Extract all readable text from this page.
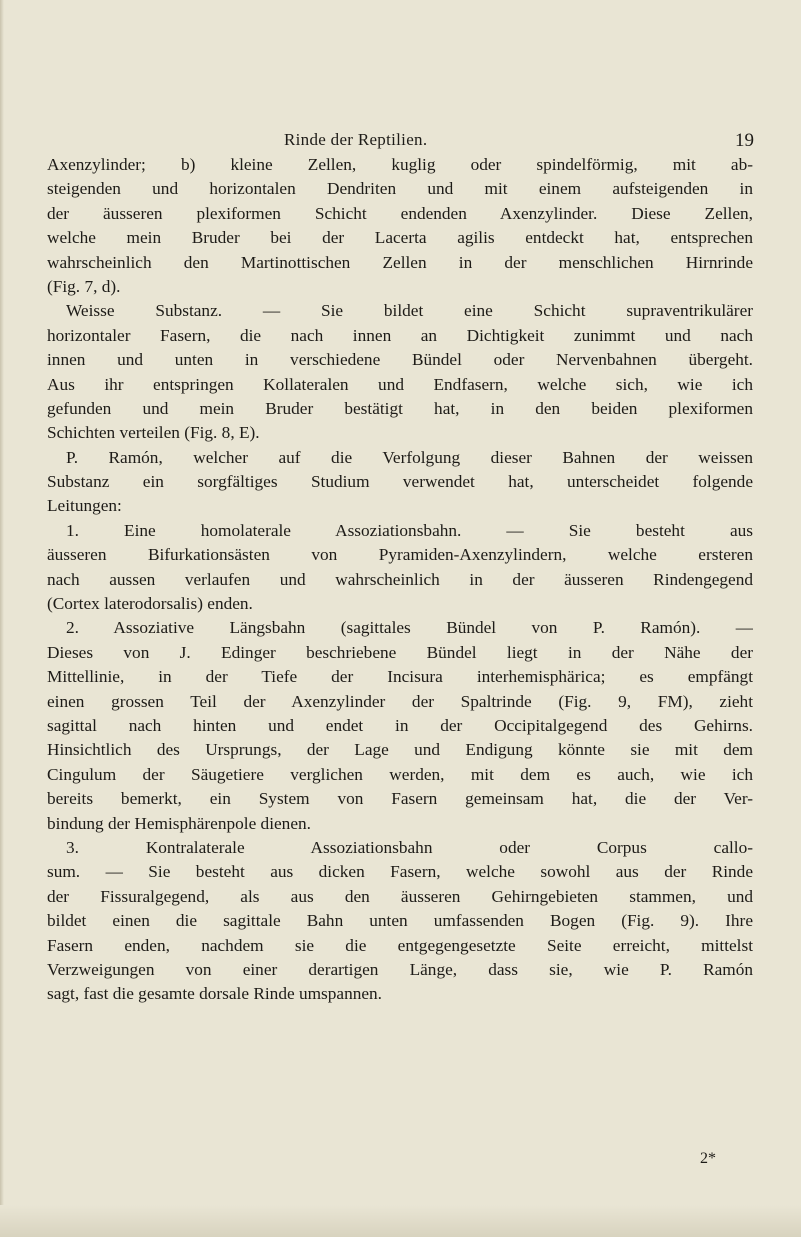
Rinde der Reptilien.	19
Axenzylinder; b) kleine Zellen, kuglig oder spindelförmig, mit ab-
steigenden und horizontalen Dendriten und mit einem aufsteigenden in
der äusseren plexiformen Schicht endenden Axenzylinder. Diese Zellen,
welche mein Bruder bei der Lacerta agilis entdeckt hat, entsprechen
wahrscheinlich den Martinottischen Zellen in der menschlichen Hirnrinde
(Fig. 7, d).
Weisse Substanz. — Sie bildet eine Schicht supraventrikulärer
horizontaler Fasern, die nach innen an Dichtigkeit zunimmt und nach
innen und unten in verschiedene Bündel oder Nervenbahnen übergeht.
Aus ihr entspringen Kollateralen und Endfasern, welche sich, wie ich
gefunden und mein Bruder bestätigt hat, in den beiden plexiformen
Schichten verteilen (Fig. 8, E).
P. Ramón, welcher auf die Verfolgung dieser Bahnen der weissen
Substanz ein sorgfältiges Studium verwendet hat, unterscheidet folgende
Leitungen:
1. Eine homolaterale Assoziationsbahn. — Sie besteht aus
äusseren Bifurkationsästen von Pyramiden-Axenzylindern, welche ersteren
nach aussen verlaufen und wahrscheinlich in der äusseren Rindengegend
(Cortex laterodorsalis) enden.
2. Assoziative Längsbahn (sagittales Bündel von P. Ramón). —
Dieses von J. Edinger beschriebene Bündel liegt in der Nähe der
Mittellinie, in der Tiefe der Incisura interhemisphärica; es empfängt
einen grossen Teil der Axenzylinder der Spaltrinde (Fig. 9, FM), zieht
sagittal nach hinten und endet in der Occipitalgegend des Gehirns.
Hinsichtlich des Ursprungs, der Lage und Endigung könnte sie mit dem
Cingulum der Säugetiere verglichen werden, mit dem es auch, wie ich
bereits bemerkt, ein System von Fasern gemeinsam hat, die der Ver-
bindung der Hemisphärenpole dienen.
3. Kontralaterale Assoziationsbahn oder Corpus callo-
sum. — Sie besteht aus dicken Fasern, welche sowohl aus der Rinde
der Fissuralgegend, als aus den äusseren Gehirngebieten stammen, und
bildet einen die sagittale Bahn unten umfassenden Bogen (Fig. 9). Ihre
Fasern enden, nachdem sie die entgegengesetzte Seite erreicht, mittelst
Verzweigungen von einer derartigen Länge, dass sie, wie P. Ramón
sagt, fast die gesamte dorsale Rinde umspannen.
2*
